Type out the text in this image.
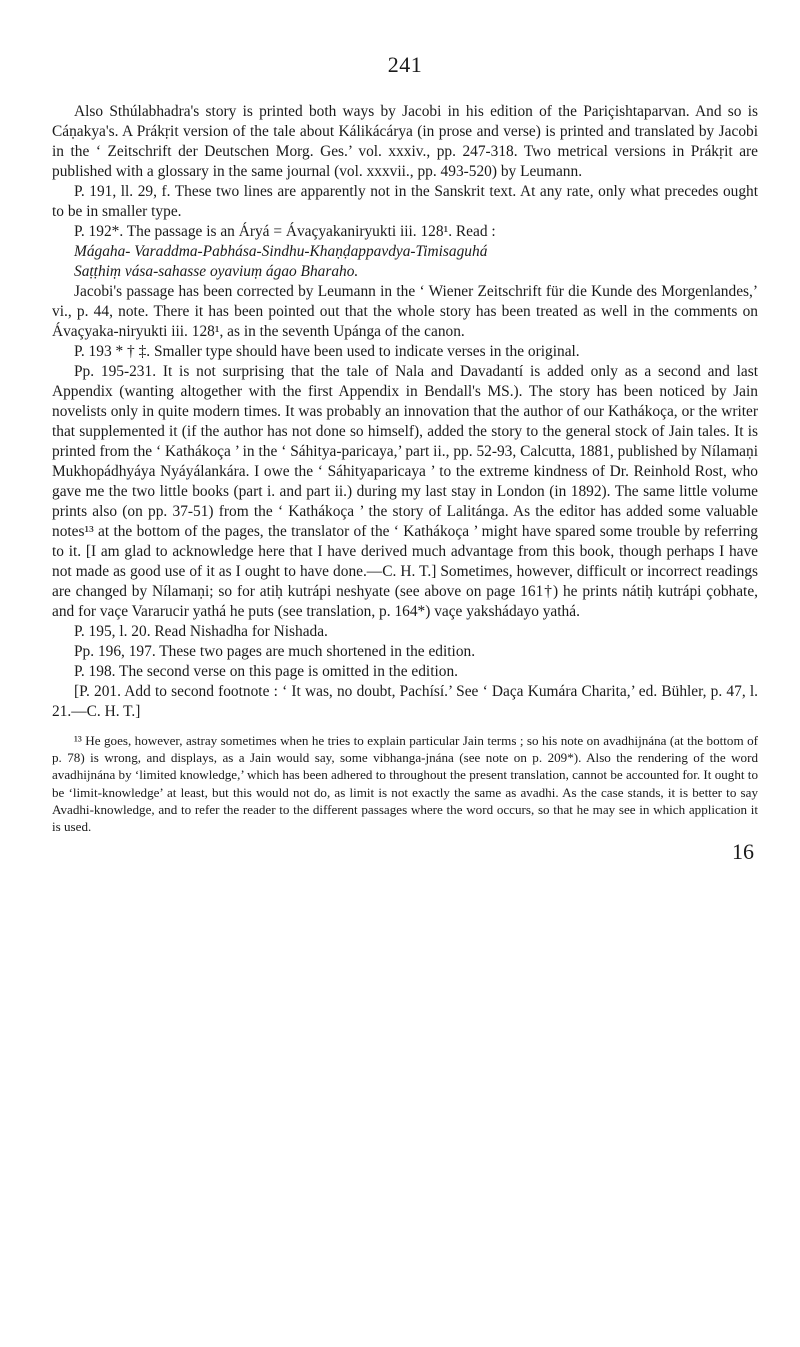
241

Also Sthúlabhadra's story is printed both ways by Jacobi in his edition of the Pariçishtaparvan. And so is Cáṇakya's. A Prákṛit version of the tale about Kálikácárya (in prose and verse) is printed and translated by Jacobi in the ‘ Zeitschrift der Deutschen Morg. Ges.’ vol. xxxiv., pp. 247-318. Two metrical versions in Prákṛit are published with a glossary in the same journal (vol. xxxvii., pp. 493-520) by Leumann.

P. 191, ll. 29, f. These two lines are apparently not in the Sanskrit text. At any rate, only what precedes ought to be in smaller type.

P. 192*. The passage is an Áryá = Ávaçyakaniryukti iii. 128¹. Read :

Mágaha- Varaddma-Pabhása-Sindhu-Khaṇḍappavdya-Timisaguhá

Saṭṭhiṃ vása-sahasse oyaviuṃ ágao Bharaho.

Jacobi's passage has been corrected by Leumann in the ‘ Wiener Zeitschrift für die Kunde des Morgenlandes,’ vi., p. 44, note. There it has been pointed out that the whole story has been treated as well in the comments on Ávaçyaka-niryukti iii. 128¹, as in the seventh Upánga of the canon.

P. 193 * † ‡. Smaller type should have been used to indicate verses in the original.

Pp. 195-231. It is not surprising that the tale of Nala and Davadantí is added only as a second and last Appendix (wanting altogether with the first Appendix in Bendall's MS.). The story has been noticed by Jain novelists only in quite modern times. It was probably an innovation that the author of our Kathákoça, or the writer that supplemented it (if the author has not done so himself), added the story to the general stock of Jain tales. It is printed from the ‘ Kathákoça ’ in the ‘ Sáhitya-paricaya,’ part ii., pp. 52-93, Calcutta, 1881, published by Nílamaṇi Mukhopádhyáya Nyáyálankára. I owe the ‘ Sáhityaparicaya ’ to the extreme kindness of Dr. Reinhold Rost, who gave me the two little books (part i. and part ii.) during my last stay in London (in 1892). The same little volume prints also (on pp. 37-51) from the ‘ Kathákoça ’ the story of Lalitánga. As the editor has added some valuable notes¹³ at the bottom of the pages, the translator of the ‘ Kathákoça ’ might have spared some trouble by referring to it. [I am glad to acknowledge here that I have derived much advantage from this book, though perhaps I have not made as good use of it as I ought to have done.—C. H. T.] Sometimes, however, difficult or incorrect readings are changed by Nílamaṇi; so for atiḥ kutrápi neshyate (see above on page 161†) he prints nátiḥ kutrápi çobhate, and for vaçe Vararucir yathá he puts (see translation, p. 164*) vaçe yakshádayo yathá.

P. 195, l. 20. Read Nishadha for Nishada.

Pp. 196, 197. These two pages are much shortened in the edition.

P. 198. The second verse on this page is omitted in the edition.

[P. 201. Add to second footnote : ‘ It was, no doubt, Pachísí.’ See ‘ Daça Kumára Charita,’ ed. Bühler, p. 47, l. 21.—C. H. T.]

¹³ He goes, however, astray sometimes when he tries to explain particular Jain terms ; so his note on avadhijnána (at the bottom of p. 78) is wrong, and displays, as a Jain would say, some vibhanga-jnána (see note on p. 209*). Also the rendering of the word avadhijnána by ‘limited knowledge,’ which has been adhered to throughout the present translation, cannot be accounted for. It ought to be ‘limit-knowledge’ at least, but this would not do, as limit is not exactly the same as avadhi. As the case stands, it is better to say Avadhi-knowledge, and to refer the reader to the different passages where the word occurs, so that he may see in which application it is used.

16
